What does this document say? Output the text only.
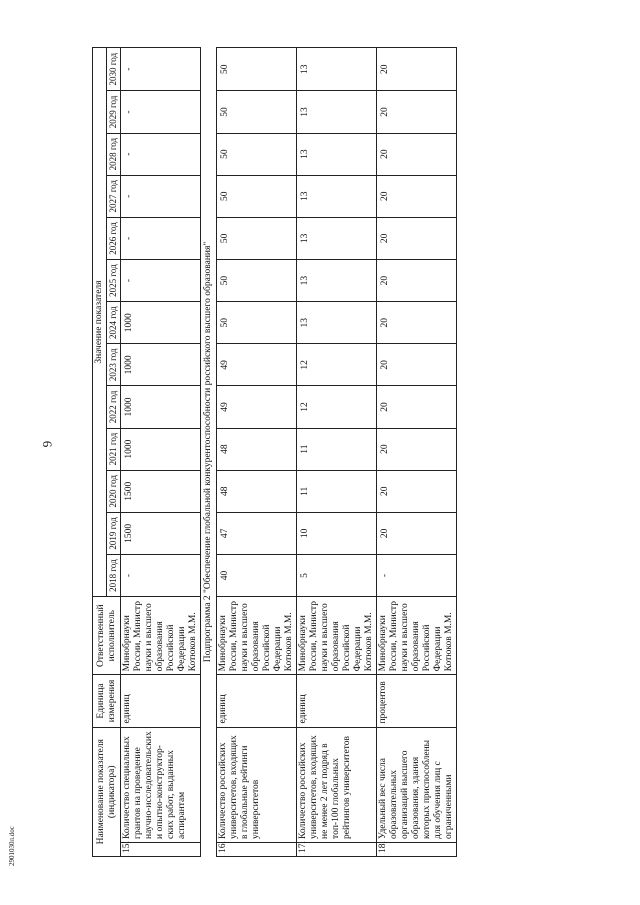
6
2901030л.doc
Наименование показателя (индикатора)		Единица измерения	Ответственный исполнитель	Значение показателя												
				2018 год	2019 год	2020 год	2021 год	2022 год	2023 год	2024 год	2025 год	2026 год	2027 год	2028 год	2029 год	2030 год
15.	Количество специальных грантов на проведение научно-исследовательских и опытно-конструктор-ских работ, выданных аспирантам	единиц	Минобрнауки России, Министр науки и высшего образования Российской Федерации Котюков М.М.	-	1500	1500	1000	1000	1000	1000	-	-	-	-	-	-
Подпрограмма 2 "Обеспечение глобальной конкурентоспособности российского высшего образования"																
16.	Количество российских университетов, входящих в глобальные рейтинги университетов	единиц	Минобрнауки России, Министр науки и высшего образования Российской Федерации Котюков М.М.	40	47	48	48	49	49	50	50	50	50	50	50	50
17.	Количество российских университетов, входящих не менее 2 лет подряд в топ-100 глобальных рейтингов университетов	единиц	Минобрнауки России, Министр науки и высшего образования Российской Федерации Котюков М.М.	5	10	11	11	12	12	13	13	13	13	13	13	13
18.	Удельный вес числа образовательных организаций высшего образования, здания которых приспособлены для обучения лиц с ограниченными	процентов	Минобрнауки России, Министр науки и высшего образования Российской Федерации Котюков М.М.	-	20	20	20	20	20	20	20	20	20	20	20	20
